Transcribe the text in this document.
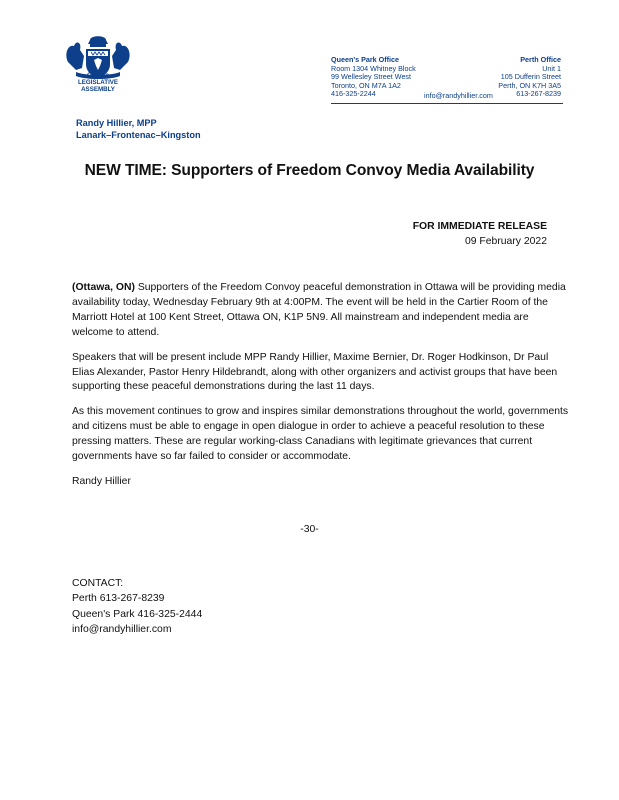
Ontario
LEGISLATIVE
ASSEMBLY
Queen's Park Office
Room 1304 Whitney Block
99 Wellesley Street West
Toronto, ON M7A 1A2
416-325-2244	info@randyhillier.com
Perth Office
Unit 1
105 Dufferin Street
Perth, ON K7H 3A5
613-267-8239
Randy Hillier, MPP
Lanark–Frontenac–Kingston
NEW TIME: Supporters of Freedom Convoy Media Availability
FOR IMMEDIATE RELEASE
09 February 2022

(Ottawa, ON) Supporters of the Freedom Convoy peaceful demonstration in Ottawa will be providing media availability today, Wednesday February 9th at 4:00PM. The event will be held in the Cartier Room of the Marriott Hotel at 100 Kent Street, Ottawa ON, K1P 5N9. All mainstream and independent media are welcome to attend.

Speakers that will be present include MPP Randy Hillier, Maxime Bernier, Dr. Roger Hodkinson, Dr Paul Elias Alexander, Pastor Henry Hildebrandt, along with other organizers and activist groups that have been supporting these peaceful demonstrations during the last 11 days.

As this movement continues to grow and inspires similar demonstrations throughout the world, governments and citizens must be able to engage in open dialogue in order to achieve a peaceful resolution to these pressing matters. These are regular working-class Canadians with legitimate grievances that current governments have so far failed to consider or accommodate.

Randy Hillier

-30-
CONTACT:
Perth 613-267-8239
Queen's Park 416-325-2444
info@randyhillier.com
